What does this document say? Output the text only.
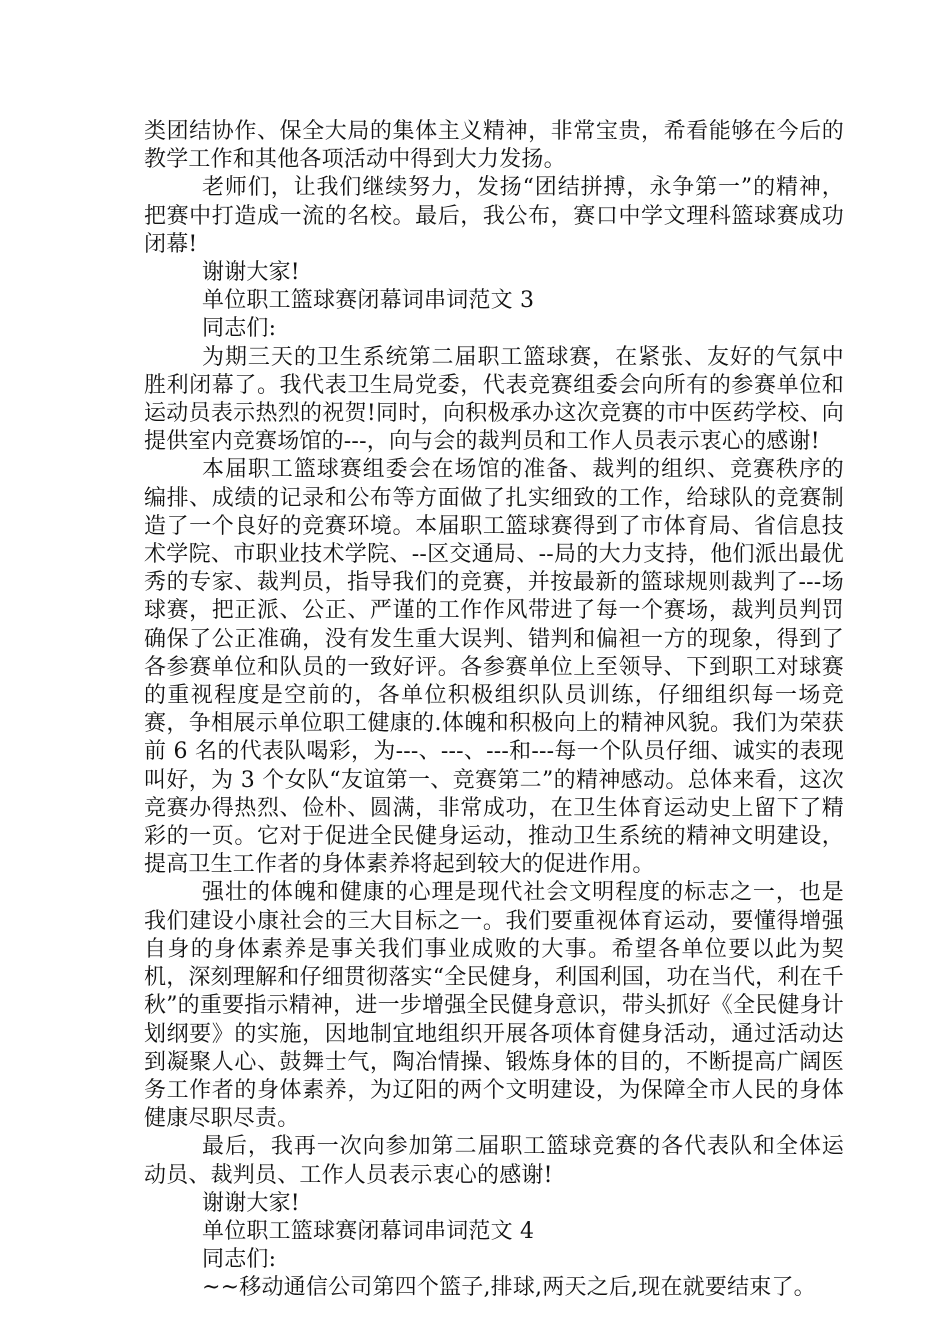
类团结协作、保全大局的集体主义精神，非常宝贵，希看能够在今后的教学工作和其他各项活动中得到大力发扬。

老师们，让我们继续努力，发扬“团结拼搏，永争第一”的精神，把赛中打造成一流的名校。最后，我公布，赛口中学文理科篮球赛成功闭幕!

谢谢大家!

单位职工篮球赛闭幕词串词范文 3

同志们:

为期三天的卫生系统第二届职工篮球赛，在紧张、友好的气氛中胜利闭幕了。我代表卫生局党委，代表竞赛组委会向所有的参赛单位和运动员表示热烈的祝贺!同时，向积极承办这次竞赛的市中医药学校、向提供室内竞赛场馆的---，向与会的裁判员和工作人员表示衷心的感谢!

本届职工篮球赛组委会在场馆的准备、裁判的组织、竞赛秩序的编排、成绩的记录和公布等方面做了扎实细致的工作，给球队的竞赛制造了一个良好的竞赛环境。本届职工篮球赛得到了市体育局、省信息技术学院、市职业技术学院、--区交通局、--局的大力支持，他们派出最优秀的专家、裁判员，指导我们的竞赛，并按最新的篮球规则裁判了---场球赛，把正派、公正、严谨的工作作风带进了每一个赛场，裁判员判罚确保了公正准确，没有发生重大误判、错判和偏袒一方的现象，得到了各参赛单位和队员的一致好评。各参赛单位上至领导、下到职工对球赛的重视程度是空前的，各单位积极组织队员训练，仔细组织每一场竞赛，争相展示单位职工健康的.体魄和积极向上的精神风貌。我们为荣获前 6 名的代表队喝彩，为---、---、---和---每一个队员仔细、诚实的表现叫好，为 3 个女队“友谊第一、竞赛第二”的精神感动。总体来看，这次竞赛办得热烈、俭朴、圆满，非常成功，在卫生体育运动史上留下了精彩的一页。它对于促进全民健身运动，推动卫生系统的精神文明建设，提高卫生工作者的身体素养将起到较大的促进作用。

强壮的体魄和健康的心理是现代社会文明程度的标志之一，也是我们建设小康社会的三大目标之一。我们要重视体育运动，要懂得增强自身的身体素养是事关我们事业成败的大事。希望各单位要以此为契机，深刻理解和仔细贯彻落实“全民健身，利国利国，功在当代，利在千秋”的重要指示精神，进一步增强全民健身意识，带头抓好《全民健身计划纲要》的实施，因地制宜地组织开展各项体育健身活动，通过活动达到凝聚人心、鼓舞士气，陶冶情操、锻炼身体的目的，不断提高广阔医务工作者的身体素养，为辽阳的两个文明建设，为保障全市人民的身体健康尽职尽责。

最后，我再一次向参加第二届职工篮球竞赛的各代表队和全体运动员、裁判员、工作人员表示衷心的感谢!

谢谢大家!

单位职工篮球赛闭幕词串词范文 4

同志们:

~~移动通信公司第四个篮子,排球,两天之后,现在就要结束了。
